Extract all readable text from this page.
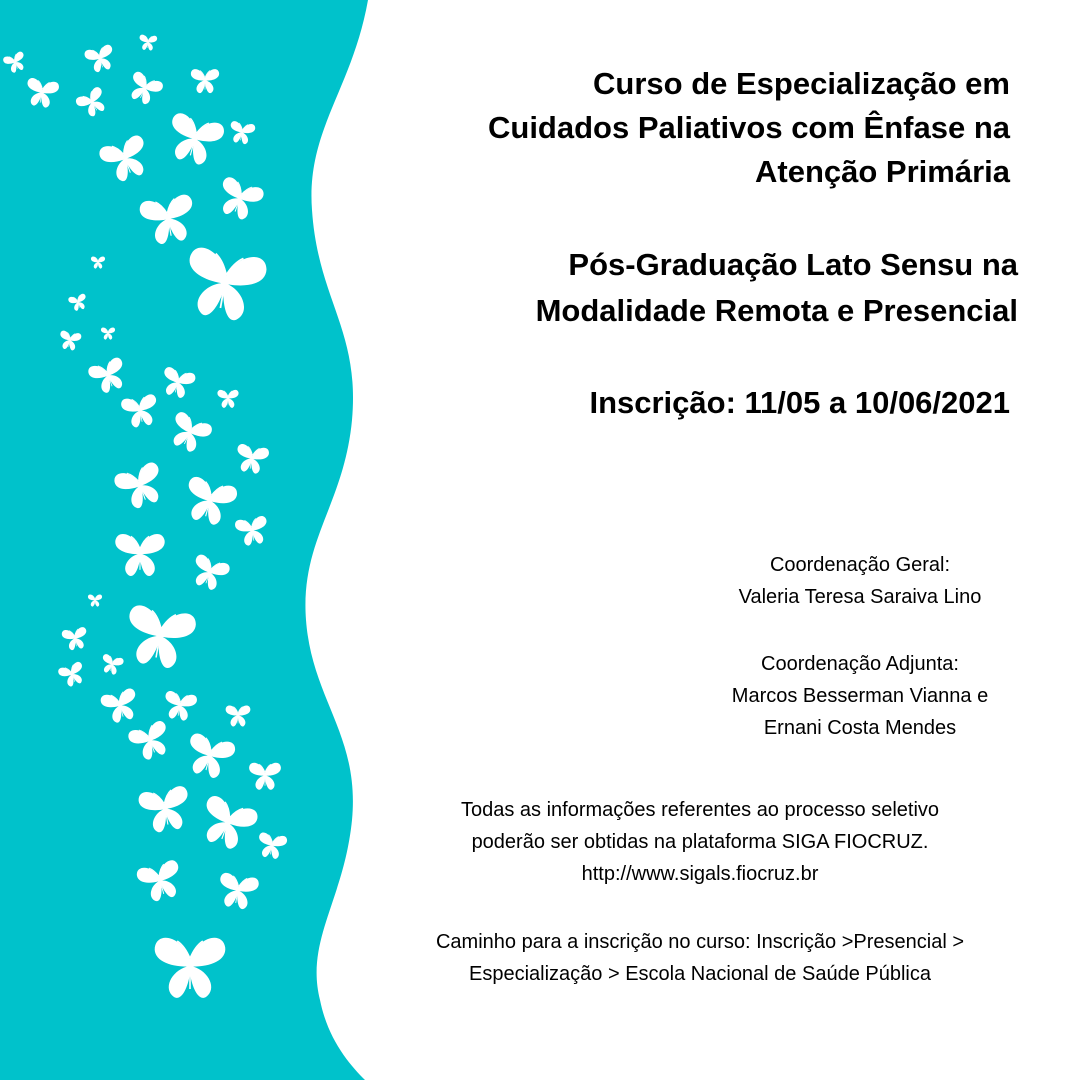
Curso de Especialização em
Cuidados Paliativos com Ênfase na
Atenção Primária
Pós-Graduação Lato Sensu na
Modalidade Remota e Presencial
Inscrição: 11/05 a 10/06/2021
Coordenação Geral:
Valeria Teresa Saraiva Lino
Coordenação Adjunta:
Marcos Besserman Vianna e
Ernani Costa Mendes
Todas as informações referentes ao processo seletivo
poderão ser obtidas na plataforma SIGA FIOCRUZ.
http://www.sigals.fiocruz.br
Caminho para a inscrição no curso: Inscrição >Presencial >
Especialização > Escola Nacional de Saúde Pública
